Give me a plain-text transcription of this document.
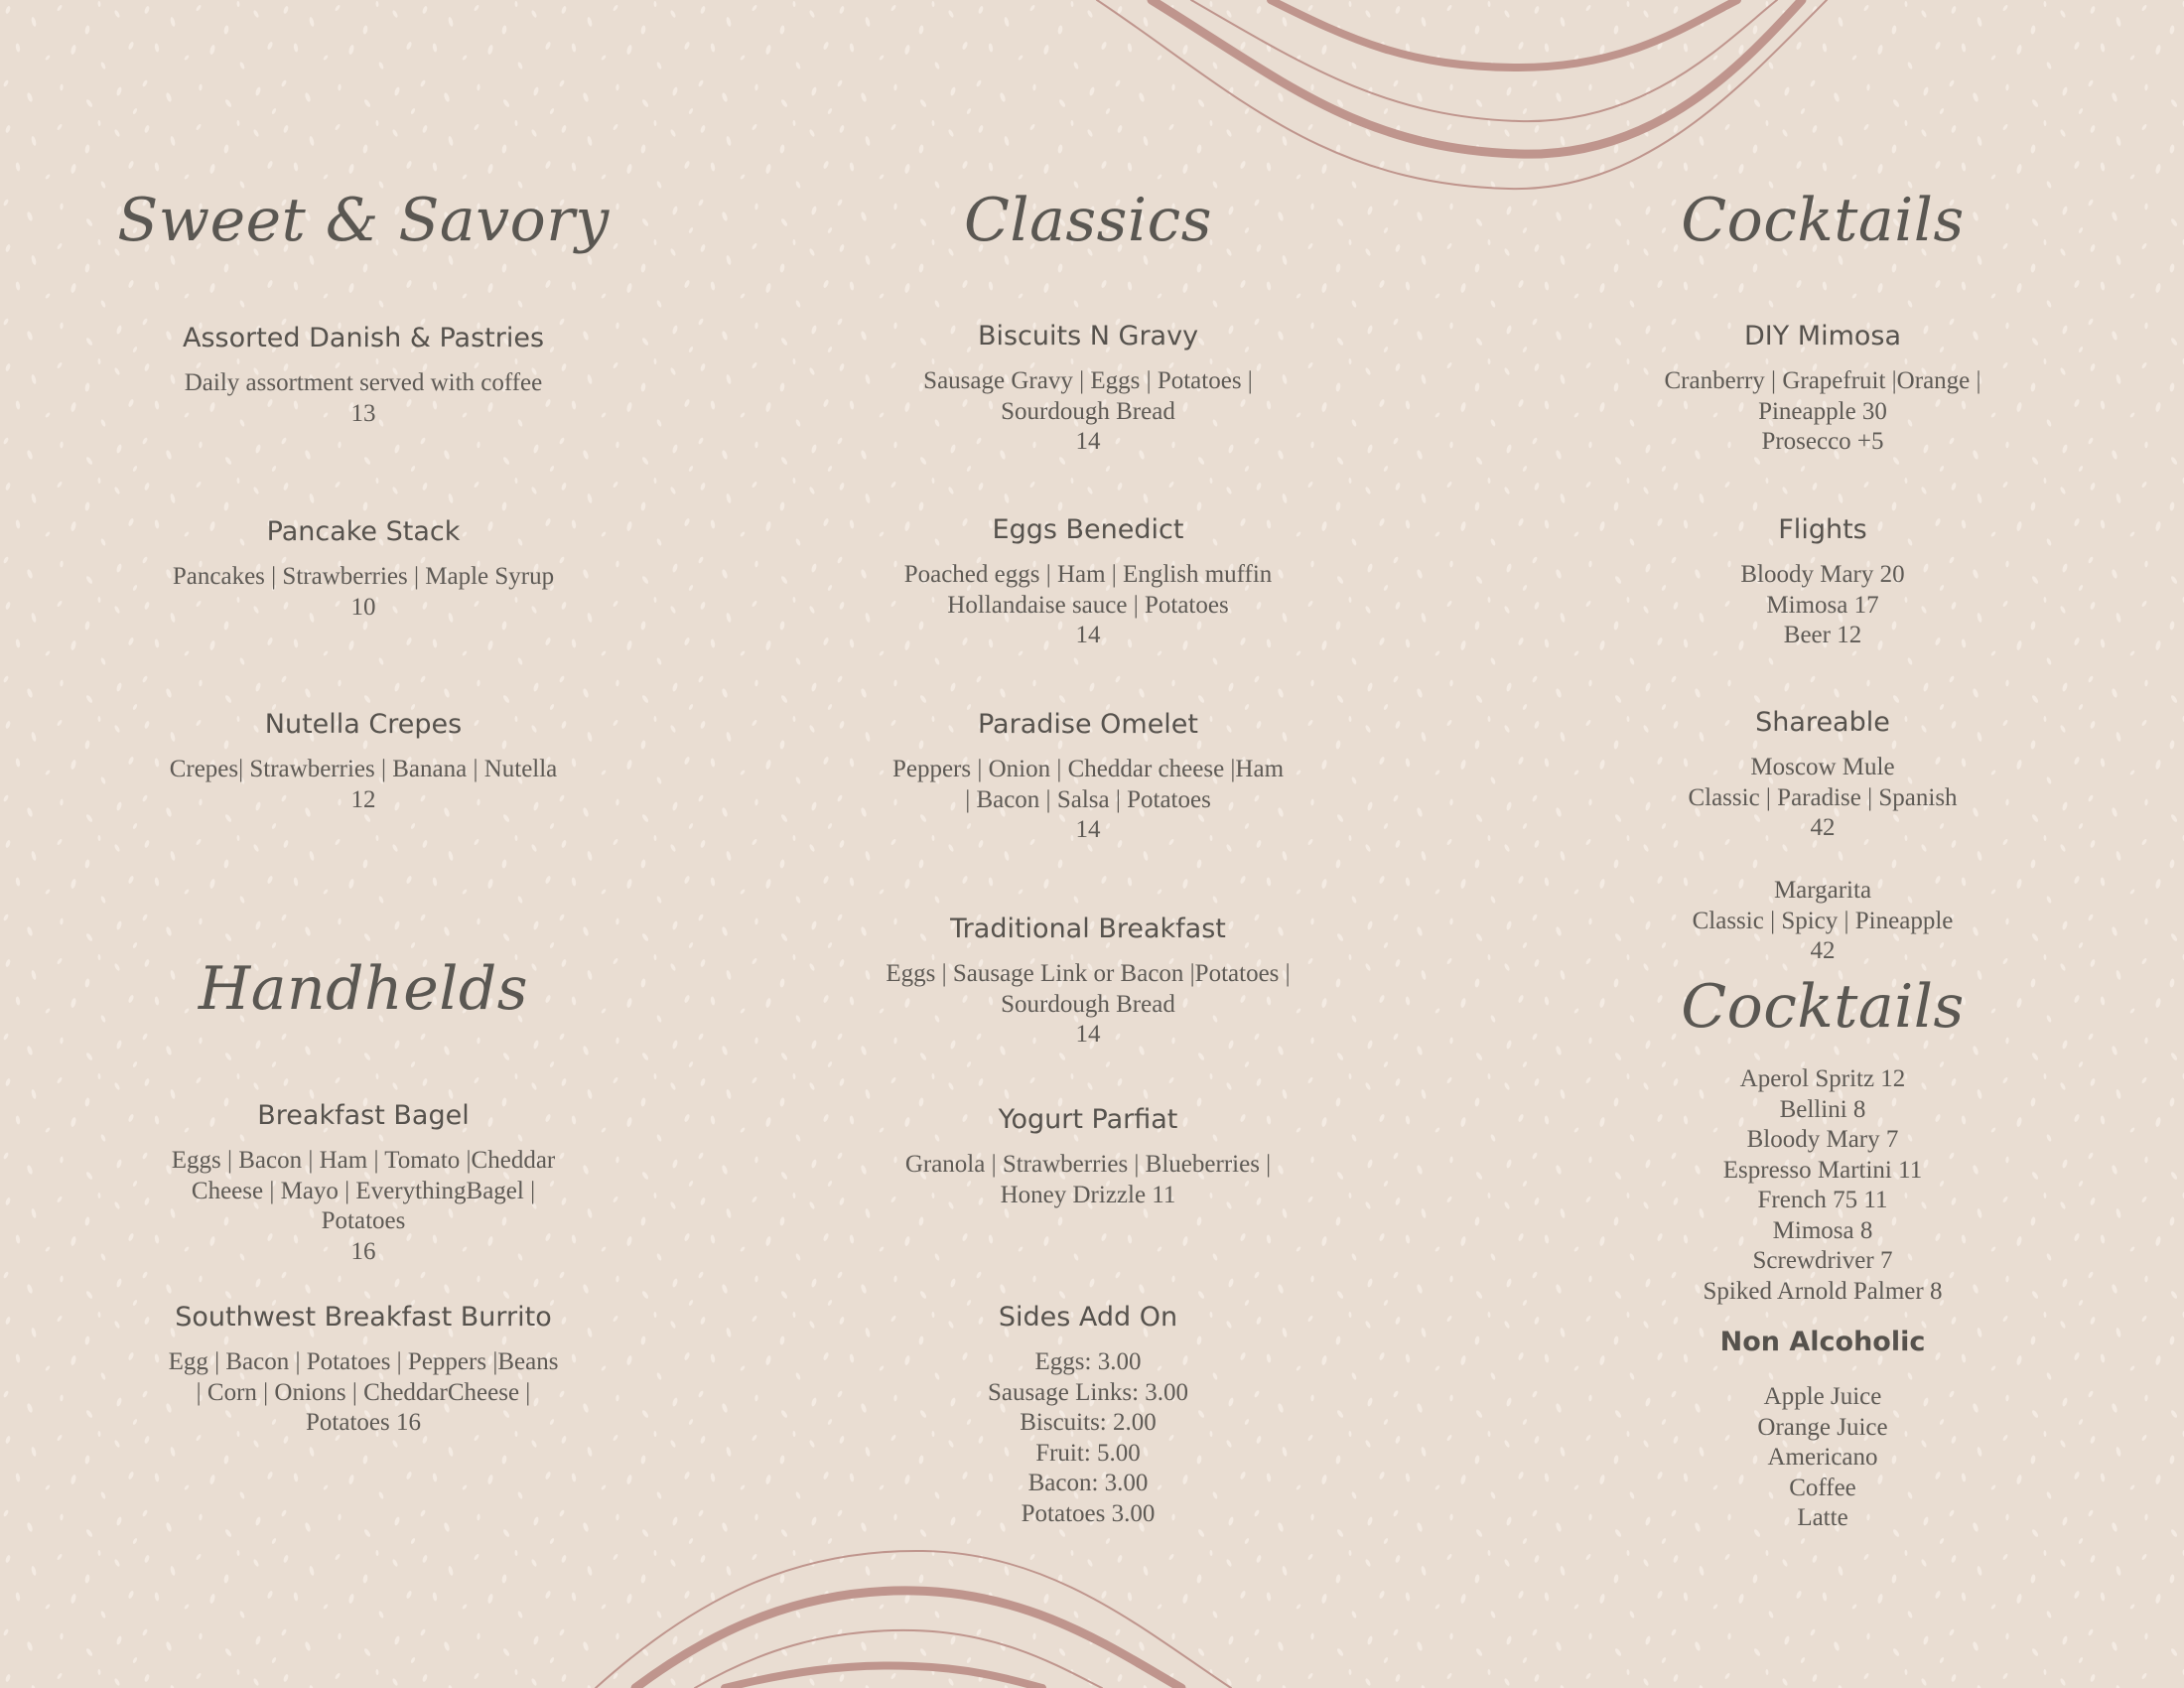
Sweet & Savory
Assorted Danish & Pastries
Daily assortment served with coffee
13
Pancake Stack
Pancakes | Strawberries | Maple Syrup
10
Nutella Crepes
Crepes| Strawberries | Banana | Nutella
12
Handhelds
Breakfast Bagel
Eggs | Bacon | Ham | Tomato |Cheddar
Cheese | Mayo | EverythingBagel |
Potatoes
16
Southwest Breakfast Burrito
Egg | Bacon | Potatoes | Peppers |Beans
| Corn | Onions | CheddarCheese |
Potatoes 16
Classics
Biscuits N Gravy
Sausage Gravy | Eggs | Potatoes |
Sourdough Bread
14
Eggs Benedict
Poached eggs | Ham | English muffin
Hollandaise sauce | Potatoes
14
Paradise Omelet
Peppers | Onion | Cheddar cheese |Ham
| Bacon | Salsa | Potatoes
14
Traditional Breakfast
Eggs | Sausage Link or Bacon |Potatoes |
Sourdough Bread
14
Yogurt Parfiat
Granola | Strawberries | Blueberries |
Honey Drizzle 11
Sides Add On
Eggs: 3.00
Sausage Links: 3.00
Biscuits: 2.00
Fruit: 5.00
Bacon: 3.00
Potatoes 3.00
Cocktails
DIY Mimosa
Cranberry | Grapefruit |Orange |
Pineapple 30
Prosecco +5
Flights
Bloody Mary 20
Mimosa 17
Beer 12
Shareable
Moscow Mule
Classic | Paradise | Spanish
42
Margarita
Classic | Spicy | Pineapple
42
Cocktails
Aperol Spritz 12
Bellini 8
Bloody Mary 7
Espresso Martini 11
French 75 11
Mimosa 8
Screwdriver 7
Spiked Arnold Palmer 8
Non Alcoholic
Apple Juice
Orange Juice
Americano
Coffee
Latte
